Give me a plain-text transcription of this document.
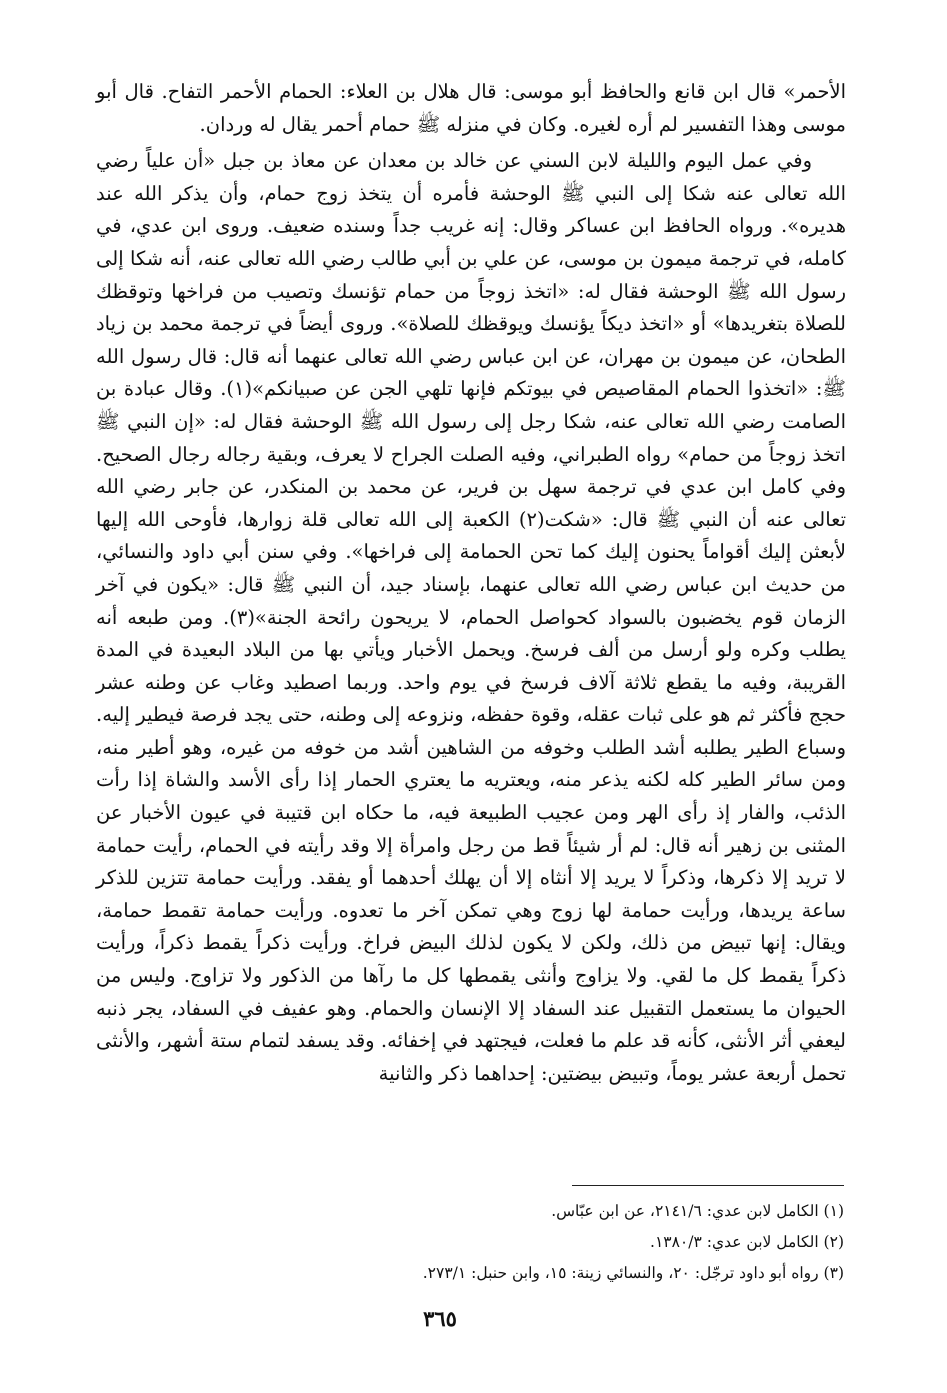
الأحمر» قال ابن قانع والحافظ أبو موسى: قال هلال بن العلاء: الحمام الأحمر التفاح. قال أبو موسى وهذا التفسير لم أره لغيره. وكان في منزله ﷺ حمام أحمر يقال له وردان.

وفي عمل اليوم والليلة لابن السني عن خالد بن معدان عن معاذ بن جبل «أن علياً رضي الله تعالى عنه شكا إلى النبي ﷺ الوحشة فأمره أن يتخذ زوج حمام، وأن يذكر الله عند هديره». ورواه الحافظ ابن عساكر وقال: إنه غريب جداً وسنده ضعيف. وروى ابن عدي، في كامله، في ترجمة ميمون بن موسى، عن علي بن أبي طالب رضي الله تعالى عنه، أنه شكا إلى رسول الله ﷺ الوحشة فقال له: «اتخذ زوجاً من حمام تؤنسك وتصيب من فراخها وتوقظك للصلاة بتغريدها» أو «اتخذ ديكاً يؤنسك ويوقظك للصلاة». وروى أيضاً في ترجمة محمد بن زياد الطحان، عن ميمون بن مهران، عن ابن عباس رضي الله تعالى عنهما أنه قال: قال رسول الله ﷺ: «اتخذوا الحمام المقاصيص في بيوتكم فإنها تلهي الجن عن صبيانكم»(١). وقال عبادة بن الصامت رضي الله تعالى عنه، شكا رجل إلى رسول الله ﷺ الوحشة فقال له: «إن النبي ﷺ اتخذ زوجاً من حمام» رواه الطبراني، وفيه الصلت الجراح لا يعرف، وبقية رجاله رجال الصحيح. وفي كامل ابن عدي في ترجمة سهل بن فرير، عن محمد بن المنكدر، عن جابر رضي الله تعالى عنه أن النبي ﷺ قال: «شكت(٢) الكعبة إلى الله تعالى قلة زوارها، فأوحى الله إليها لأبعثن إليك أقواماً يحنون إليك كما تحن الحمامة إلى فراخها». وفي سنن أبي داود والنسائي، من حديث ابن عباس رضي الله تعالى عنهما، بإسناد جيد، أن النبي ﷺ قال: «يكون في آخر الزمان قوم يخضبون بالسواد كحواصل الحمام، لا يريحون رائحة الجنة»(٣). ومن طبعه أنه يطلب وكره ولو أرسل من ألف فرسخ. ويحمل الأخبار ويأتي بها من البلاد البعيدة في المدة القريبة، وفيه ما يقطع ثلاثة آلاف فرسخ في يوم واحد. وربما اصطيد وغاب عن وطنه عشر حجج فأكثر ثم هو على ثبات عقله، وقوة حفظه، ونزوعه إلى وطنه، حتى يجد فرصة فيطير إليه. وسباع الطير يطلبه أشد الطلب وخوفه من الشاهين أشد من خوفه من غيره، وهو أطير منه، ومن سائر الطير كله لكنه يذعر منه، ويعتريه ما يعتري الحمار إذا رأى الأسد والشاة إذا رأت الذئب، والفار إذ رأى الهر ومن عجيب الطبيعة فيه، ما حكاه ابن قتيبة في عيون الأخبار عن المثنى بن زهير أنه قال: لم أر شيئاً قط من رجل وامرأة إلا وقد رأيته في الحمام، رأيت حمامة لا تريد إلا ذكرها، وذكراً لا يريد إلا أنثاه إلا أن يهلك أحدهما أو يفقد. ورأيت حمامة تتزين للذكر ساعة يريدها، ورأيت حمامة لها زوج وهي تمكن آخر ما تعدوه. ورأيت حمامة تقمط حمامة، ويقال: إنها تبيض من ذلك، ولكن لا يكون لذلك البيض فراخ. ورأيت ذكراً يقمط ذكراً، ورأيت ذكراً يقمط كل ما لقي. ولا يزاوج وأنثى يقمطها كل ما رآها من الذكور ولا تزاوج. وليس من الحيوان ما يستعمل التقبيل عند السفاد إلا الإنسان والحمام. وهو عفيف في السفاد، يجر ذنبه ليعفي أثر الأنثى، كأنه قد علم ما فعلت، فيجتهد في إخفائه. وقد يسفد لتمام ستة أشهر، والأنثى تحمل أربعة عشر يوماً، وتبيض بيضتين: إحداهما ذكر والثانية

(١) الكامل لابن عدي: ٢١٤١/٦، عن ابن عبّاس.
(٢) الكامل لابن عدي: ١٣٨٠/٣.
(٣) رواه أبو داود ترجّل: ٢٠، والنسائي زينة: ١٥، وابن حنبل: ٢٧٣/١.
٣٦٥
